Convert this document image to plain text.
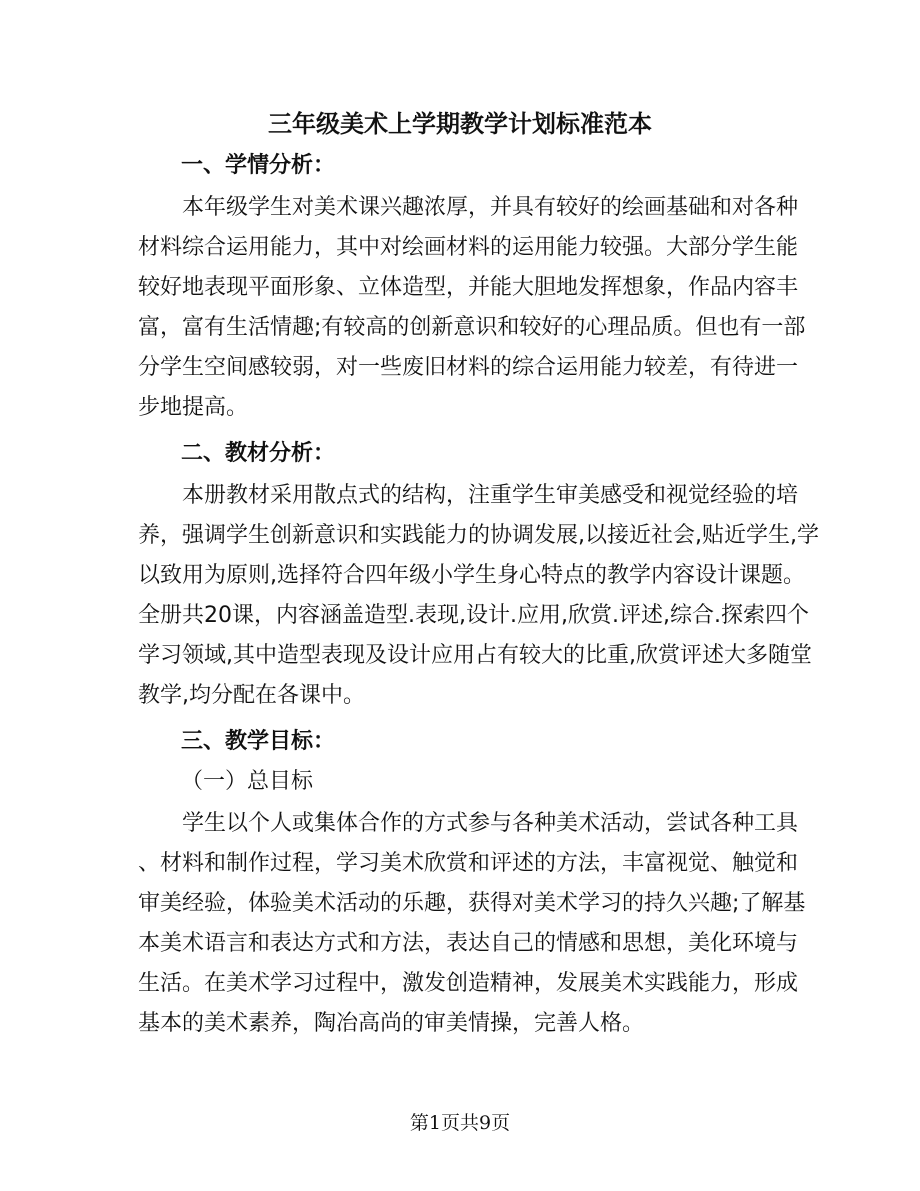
三年级美术上学期教学计划标准范本
一、学情分析：
本年级学生对美术课兴趣浓厚，并具有较好的绘画基础和对各种
材料综合运用能力，其中对绘画材料的运用能力较强。大部分学生能
较好地表现平面形象、立体造型，并能大胆地发挥想象，作品内容丰
富，富有生活情趣;有较高的创新意识和较好的心理品质。但也有一部
分学生空间感较弱，对一些废旧材料的综合运用能力较差，有待进一
步地提高。
二、教材分析：
本册教材采用散点式的结构，注重学生审美感受和视觉经验的培
养，强调学生创新意识和实践能力的协调发展,以接近社会,贴近学生,学
以致用为原则,选择符合四年级小学生身心特点的教学内容设计课题。
全册共20课，内容涵盖造型.表现,设计.应用,欣赏.评述,综合.探索四个
学习领域,其中造型表现及设计应用占有较大的比重,欣赏评述大多随堂
教学,均分配在各课中。
三、教学目标：
（一）总目标
学生以个人或集体合作的方式参与各种美术活动，尝试各种工具
、材料和制作过程，学习美术欣赏和评述的方法，丰富视觉、触觉和
审美经验，体验美术活动的乐趣，获得对美术学习的持久兴趣;了解基
本美术语言和表达方式和方法，表达自己的情感和思想，美化环境与
生活。在美术学习过程中，激发创造精神，发展美术实践能力，形成
基本的美术素养，陶冶高尚的审美情操，完善人格。
第1页共9页
